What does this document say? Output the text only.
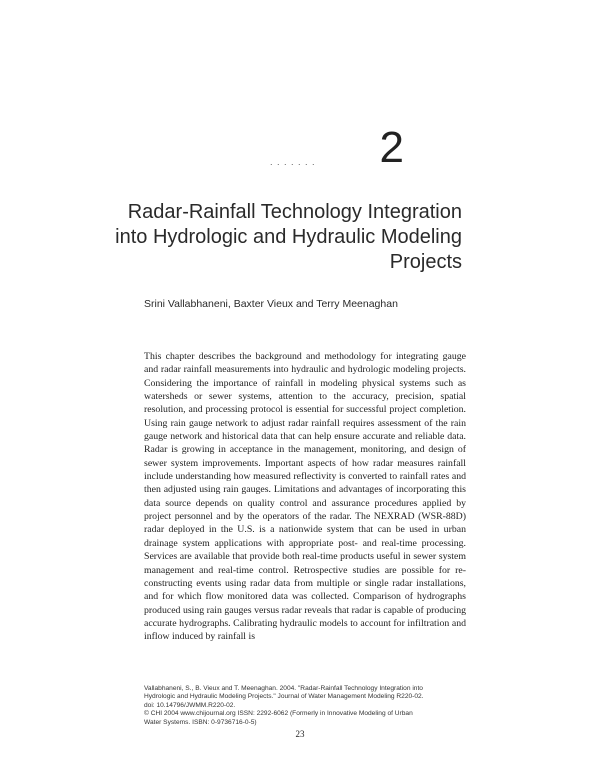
. . . . . . . 2
Radar-Rainfall Technology Integration into Hydrologic and Hydraulic Modeling Projects
Srini Vallabhaneni, Baxter Vieux and Terry Meenaghan

This chapter describes the background and methodology for integrating gauge and radar rainfall measurements into hydraulic and hydrologic modeling projects. Considering the importance of rainfall in modeling physical systems such as watersheds or sewer systems, attention to the accuracy, precision, spatial resolution, and processing protocol is essential for successful project completion. Using rain gauge network to adjust radar rainfall requires assessment of the rain gauge network and historical data that can help ensure accurate and reliable data. Radar is growing in acceptance in the management, monitoring, and design of sewer system improvements. Important aspects of how radar measures rainfall include understanding how measured reflectivity is converted to rainfall rates and then adjusted using rain gauges. Limitations and advantages of incorporating this data source depends on quality control and assurance procedures applied by project personnel and by the operators of the radar. The NEXRAD (WSR-88D) radar deployed in the U.S. is a nationwide system that can be used in urban drainage system applications with appropriate post- and real-time processing. Services are available that provide both real-time products useful in sewer system management and real-time control. Retrospective studies are possible for re-constructing events using radar data from multiple or single radar installations, and for which flow monitored data was collected. Comparison of hydrographs produced using rain gauges versus radar reveals that radar is capable of producing accurate hydrographs. Calibrating hydraulic models to account for infiltration and inflow induced by rainfall is

Vallabhaneni, S., B. Vieux and T. Meenaghan. 2004. "Radar-Rainfall Technology Integration into
Hydrologic and Hydraulic Modeling Projects." Journal of Water Management Modeling R220-02.
doi: 10.14796/JWMM.R220-02.
© CHI 2004 www.chijournal.org ISSN: 2292-6062 (Formerly in Innovative Modeling of Urban
Water Systems. ISBN: 0-9736716-0-5)
23
